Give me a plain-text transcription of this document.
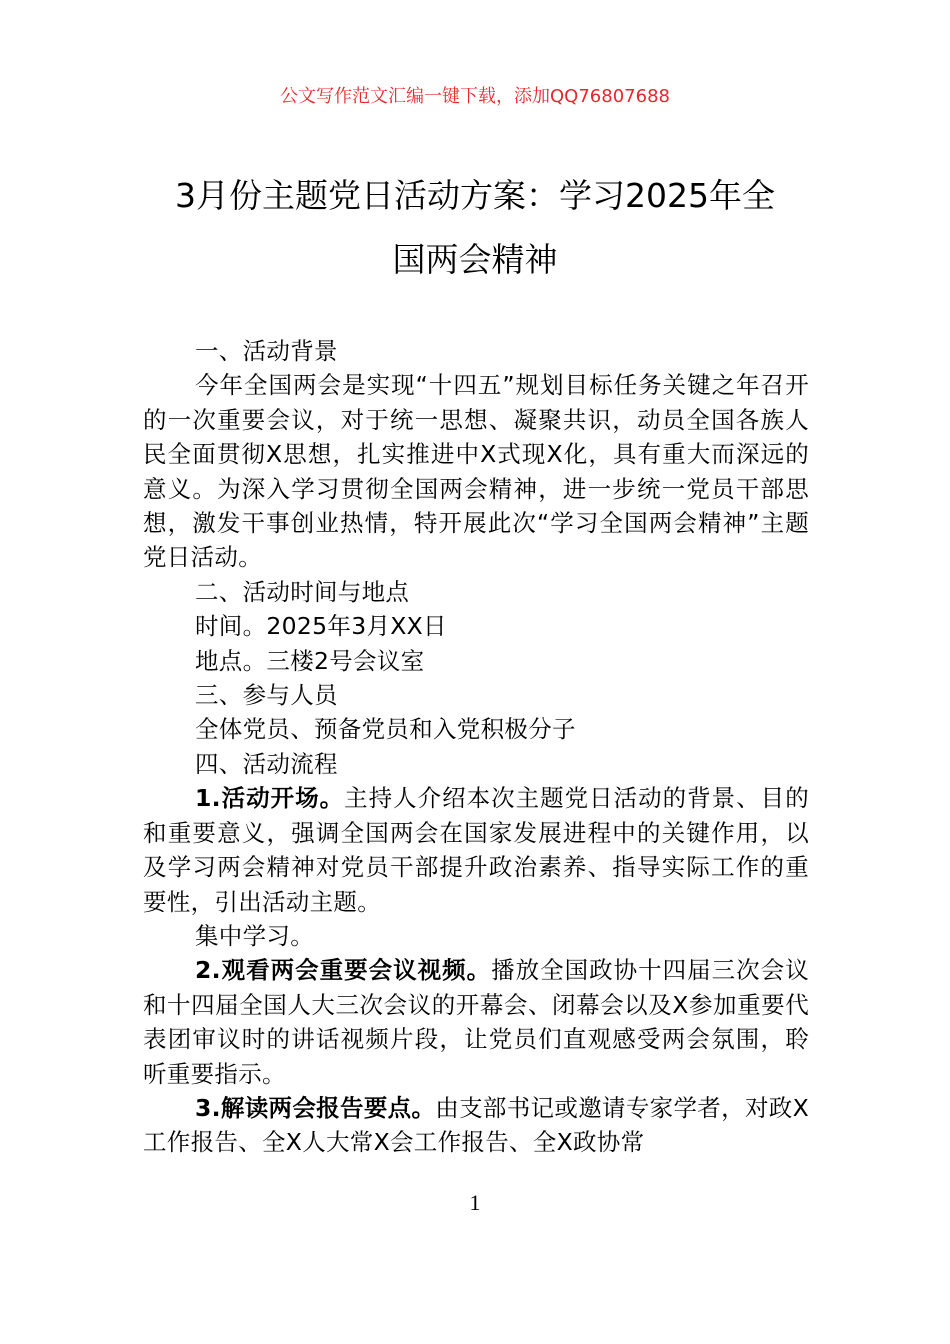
公文写作范文汇编一键下载，添加QQ76807688
3月份主题党日活动方案：学习2025年全
国两会精神

一、活动背景

今年全国两会是实现“十四五”规划目标任务关键之年召开的一次重要会议，对于统一思想、凝聚共识，动员全国各族人民全面贯彻X思想，扎实推进中X式现X化，具有重大而深远的意义。为深入学习贯彻全国两会精神，进一步统一党员干部思想，激发干事创业热情，特开展此次“学习全国两会精神”主题党日活动。

二、活动时间与地点

时间。2025年3月XX日

地点。三楼2号会议室

三、参与人员

全体党员、预备党员和入党积极分子

四、活动流程

1.活动开场。主持人介绍本次主题党日活动的背景、目的和重要意义，强调全国两会在国家发展进程中的关键作用，以及学习两会精神对党员干部提升政治素养、指导实际工作的重要性，引出活动主题。

集中学习。

2.观看两会重要会议视频。播放全国政协十四届三次会议和十四届全国人大三次会议的开幕会、闭幕会以及X参加重要代表团审议时的讲话视频片段，让党员们直观感受两会氛围，聆听重要指示。

3.解读两会报告要点。由支部书记或邀请专家学者，对政X工作报告、全X人大常X会工作报告、全X政协常

1
